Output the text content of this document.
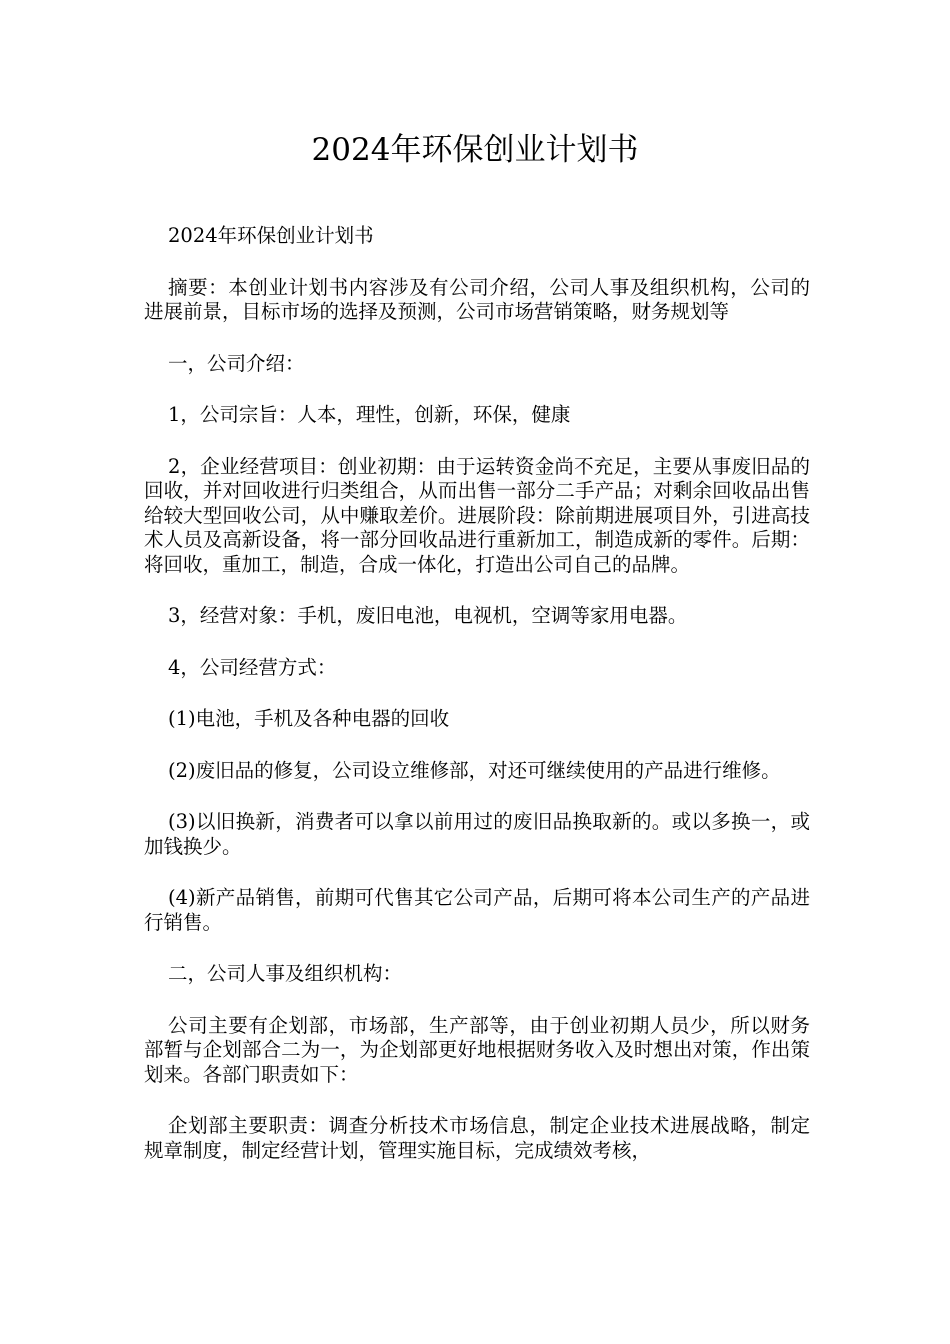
2024年环保创业计划书

2024年环保创业计划书

摘要：本创业计划书内容涉及有公司介绍，公司人事及组织机构，公司的进展前景，目标市场的选择及预测，公司市场营销策略，财务规划等

一，公司介绍：

1，公司宗旨：人本，理性，创新，环保，健康

2，企业经营项目：创业初期：由于运转资金尚不充足，主要从事废旧品的回收，并对回收进行归类组合，从而出售一部分二手产品；对剩余回收品出售给较大型回收公司，从中赚取差价。进展阶段：除前期进展项目外，引进高技术人员及高新设备，将一部分回收品进行重新加工，制造成新的零件。后期：将回收，重加工，制造，合成一体化，打造出公司自己的品牌。

3，经营对象：手机，废旧电池，电视机，空调等家用电器。

4，公司经营方式：

(1)电池，手机及各种电器的回收

(2)废旧品的修复，公司设立维修部，对还可继续使用的产品进行维修。

(3)以旧换新，消费者可以拿以前用过的废旧品换取新的。或以多换一，或加钱换少。

(4)新产品销售，前期可代售其它公司产品，后期可将本公司生产的产品进行销售。

二，公司人事及组织机构：

公司主要有企划部，市场部，生产部等，由于创业初期人员少，所以财务部暂与企划部合二为一，为企划部更好地根据财务收入及时想出对策，作出策划来。各部门职责如下：

企划部主要职责：调查分析技术市场信息，制定企业技术进展战略，制定规章制度，制定经营计划，管理实施目标，完成绩效考核，
